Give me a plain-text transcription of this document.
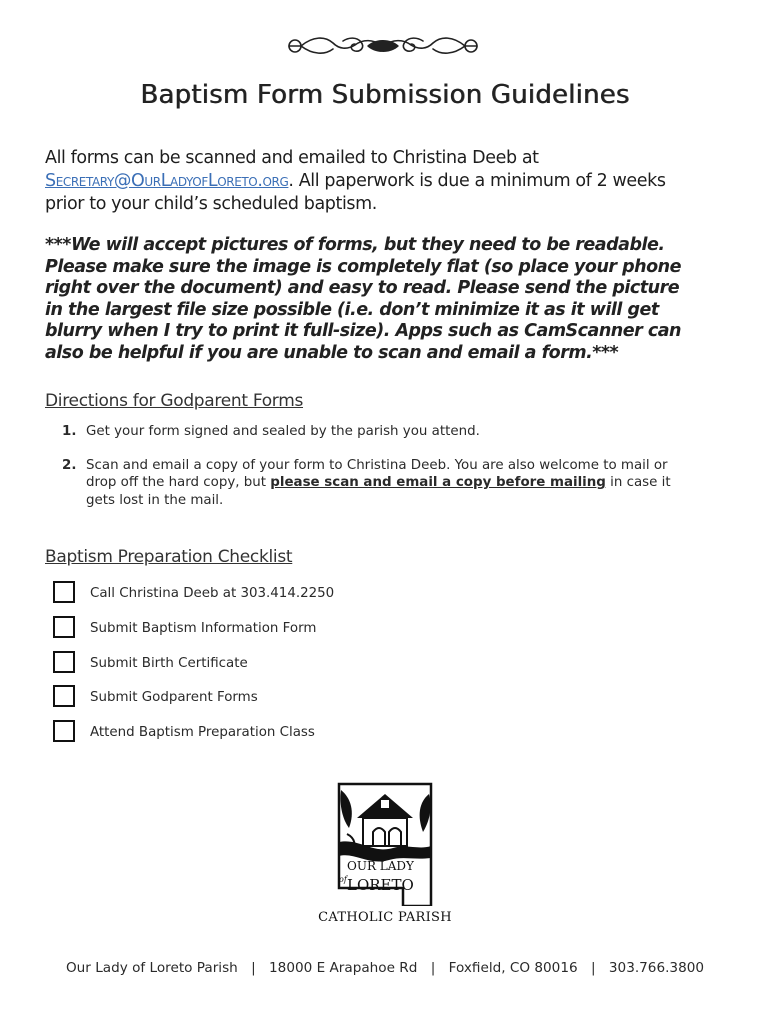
Baptism Form Submission Guidelines
All forms can be scanned and emailed to Christina Deeb at Secretary@OurLadyofLoreto.org. All paperwork is due a minimum of 2 weeks prior to your child’s scheduled baptism.
***We will accept pictures of forms, but they need to be readable. Please make sure the image is completely flat (so place your phone right over the document) and easy to read. Please send the picture in the largest file size possible (i.e. don’t minimize it as it will get blurry when I try to print it full-size). Apps such as CamScanner can also be helpful if you are unable to scan and email a form.***
Directions for Godparent Forms
1. Get your form signed and sealed by the parish you attend.
2. Scan and email a copy of your form to Christina Deeb. You are also welcome to mail or drop off the hard copy, but please scan and email a copy before mailing in case it gets lost in the mail.
Baptism Preparation Checklist
Call Christina Deeb at 303.414.2250
Submit Baptism Information Form
Submit Birth Certificate
Submit Godparent Forms
Attend Baptism Preparation Class
OUR LADY
of LORETO
CATHOLIC PARISH
Our Lady of Loreto Parish | 18000 E Arapahoe Rd | Foxfield, CO 80016 | 303.766.3800
